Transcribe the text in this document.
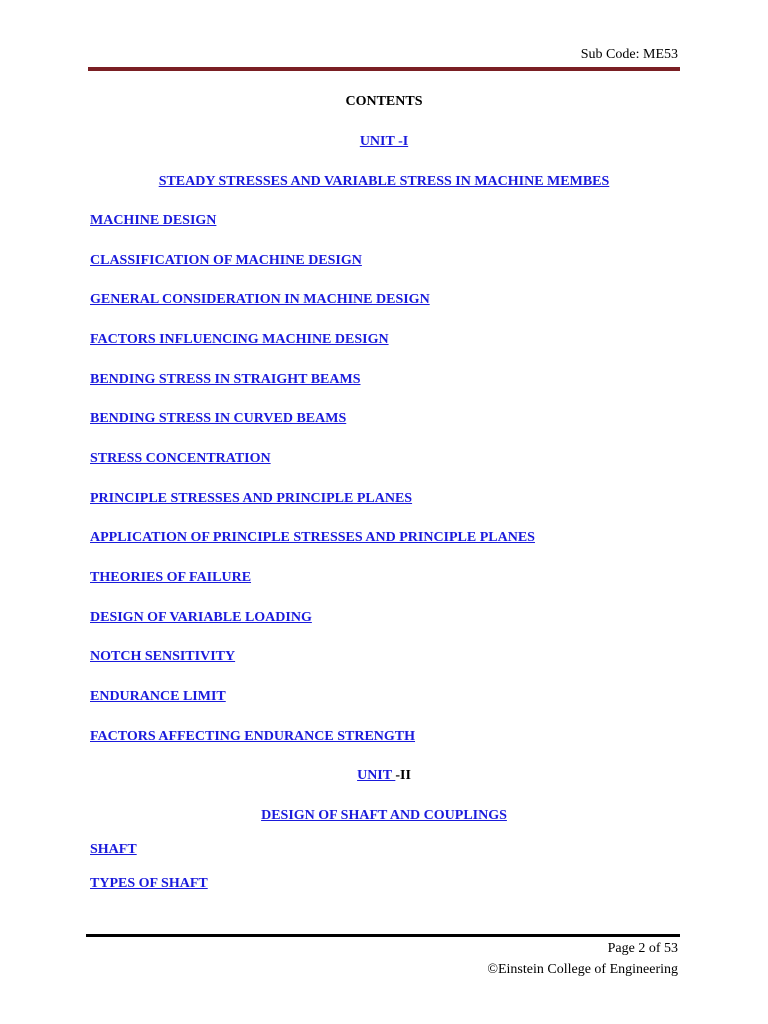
Sub Code: ME53
CONTENTS
UNIT -I
STEADY STRESSES AND VARIABLE STRESS IN MACHINE MEMBES
MACHINE DESIGN
CLASSIFICATION OF MACHINE DESIGN
GENERAL CONSIDERATION IN MACHINE DESIGN
FACTORS INFLUENCING MACHINE DESIGN
BENDING STRESS IN STRAIGHT BEAMS
BENDING STRESS IN CURVED BEAMS
STRESS CONCENTRATION
PRINCIPLE STRESSES AND PRINCIPLE PLANES
APPLICATION OF PRINCIPLE STRESSES AND PRINCIPLE PLANES
THEORIES OF FAILURE
DESIGN OF VARIABLE LOADING
NOTCH SENSITIVITY
ENDURANCE LIMIT
FACTORS AFFECTING ENDURANCE STRENGTH
UNIT -II
DESIGN OF SHAFT AND COUPLINGS
SHAFT
TYPES OF SHAFT
Page 2 of 53
©Einstein College of Engineering
